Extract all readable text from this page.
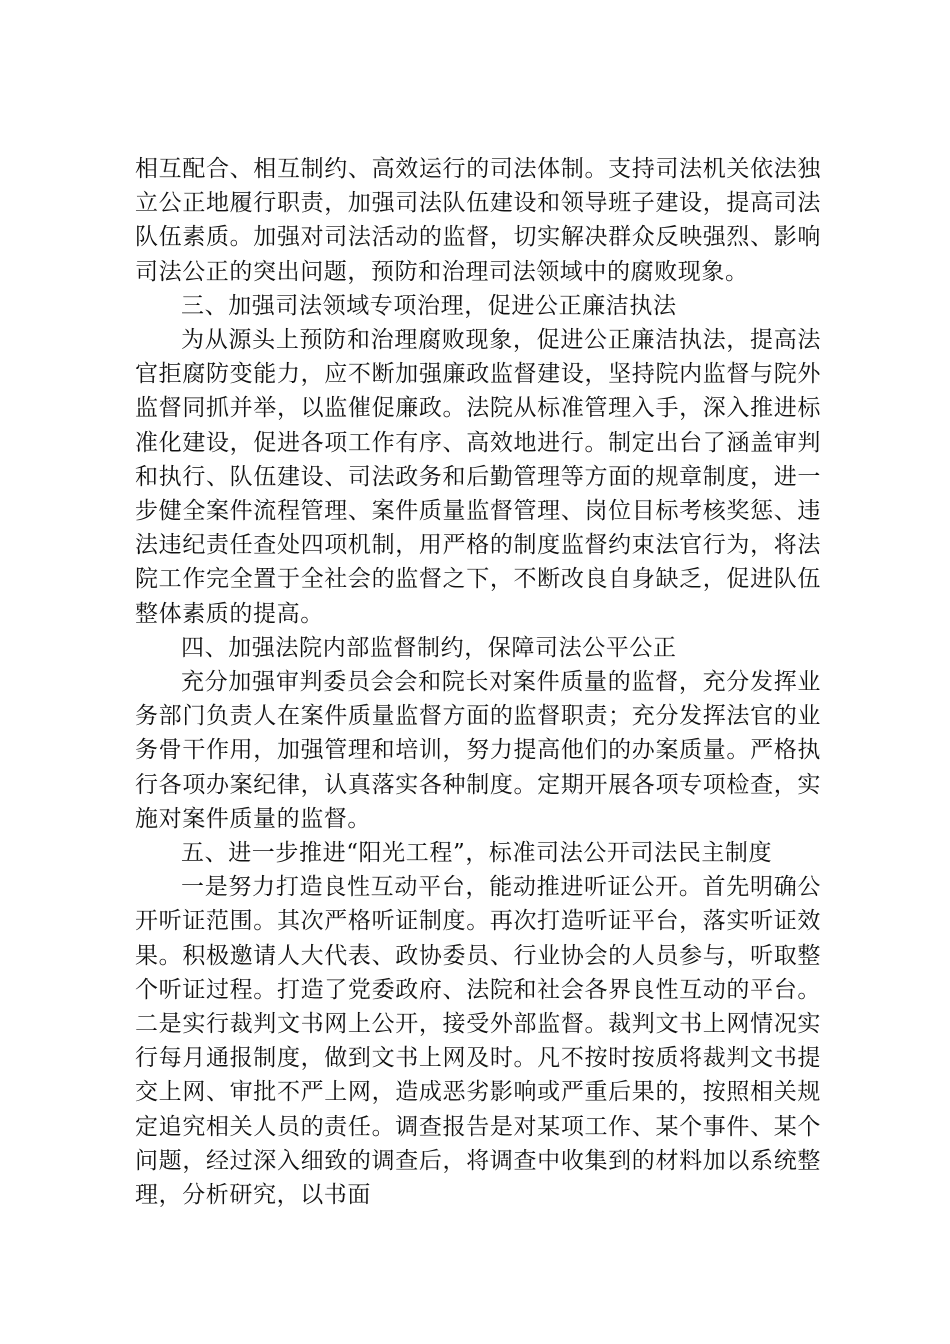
相互配合、相互制约、高效运行的司法体制。支持司法机关依法独立公正地履行职责，加强司法队伍建设和领导班子建设，提高司法队伍素质。加强对司法活动的监督，切实解决群众反映强烈、影响司法公正的突出问题，预防和治理司法领域中的腐败现象。

三、加强司法领域专项治理，促进公正廉洁执法

为从源头上预防和治理腐败现象，促进公正廉洁执法，提高法官拒腐防变能力，应不断加强廉政监督建设，坚持院内监督与院外监督同抓并举，以监催促廉政。法院从标准管理入手，深入推进标准化建设，促进各项工作有序、高效地进行。制定出台了涵盖审判和执行、队伍建设、司法政务和后勤管理等方面的规章制度，进一步健全案件流程管理、案件质量监督管理、岗位目标考核奖惩、违法违纪责任查处四项机制，用严格的制度监督约束法官行为，将法院工作完全置于全社会的监督之下，不断改良自身缺乏，促进队伍整体素质的提高。

四、加强法院内部监督制约，保障司法公平公正

充分加强审判委员会会和院长对案件质量的监督，充分发挥业务部门负责人在案件质量监督方面的监督职责；充分发挥法官的业务骨干作用，加强管理和培训，努力提高他们的办案质量。严格执行各项办案纪律，认真落实各种制度。定期开展各项专项检查，实施对案件质量的监督。

五、进一步推进“阳光工程”，标准司法公开司法民主制度

一是努力打造良性互动平台，能动推进听证公开。首先明确公开听证范围。其次严格听证制度。再次打造听证平台，落实听证效果。积极邀请人大代表、政协委员、行业协会的人员参与，听取整个听证过程。打造了党委政府、法院和社会各界良性互动的平台。二是实行裁判文书网上公开，接受外部监督。裁判文书上网情况实行每月通报制度，做到文书上网及时。凡不按时按质将裁判文书提交上网、审批不严上网，造成恶劣影响或严重后果的，按照相关规定追究相关人员的责任。调查报告是对某项工作、某个事件、某个问题，经过深入细致的调查后，将调查中收集到的材料加以系统整理，分析研究，以书面
